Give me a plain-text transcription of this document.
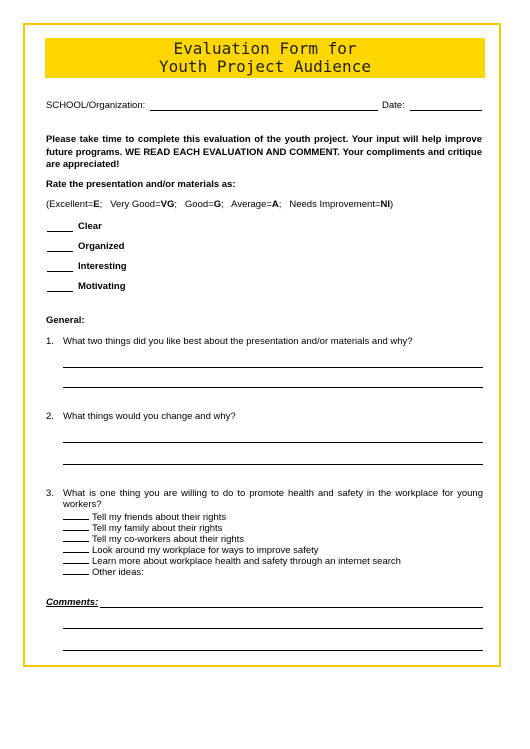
Evaluation Form for
Youth Project Audience
SCHOOL/Organization:	Date:
Please take time to complete this evaluation of the youth project. Your input will help improve future programs. WE READ EACH EVALUATION AND COMMENT. Your compliments and critique are appreciated!
Rate the presentation and/or materials as:
(Excellent=E;   Very Good=VG;   Good=G;   Average=A;   Needs Improvement=NI)
Clear
Organized
Interesting
Motivating
General:
1. What two things did you like best about the presentation and/or materials and why?
2. What things would you change and why?
3. What is one thing you are willing to do to promote health and safety in the workplace for young workers?
Tell my friends about their rights
Tell my family about their rights
Tell my co-workers about their rights
Look around my workplace for ways to improve safety
Learn more about workplace health and safety through an internet search
Other ideas:
Comments:
